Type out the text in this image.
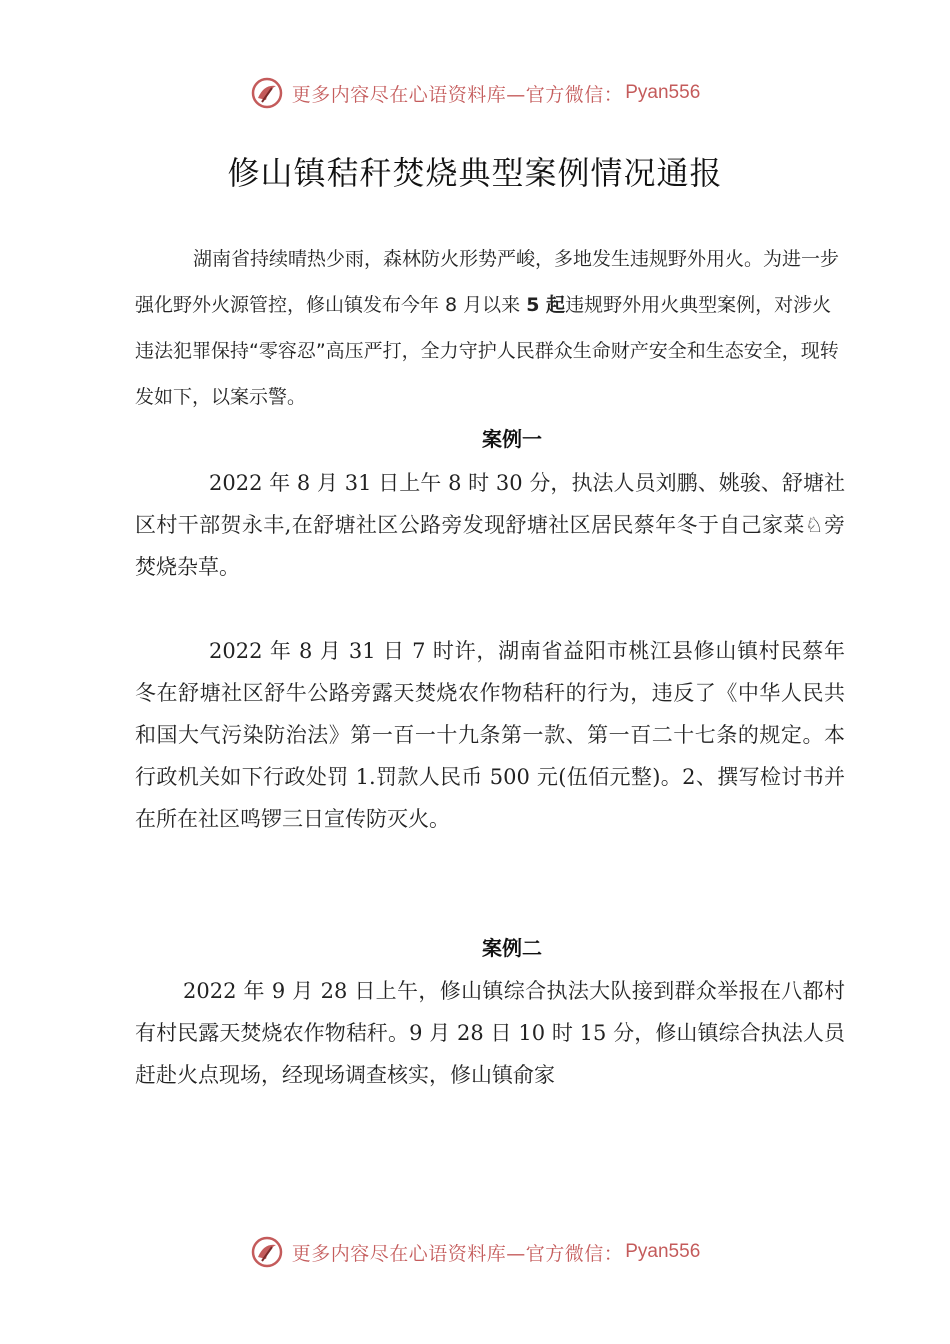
更多内容尽在心语资料库—官方微信： Pyan556
修山镇秸秆焚烧典型案例情况通报

湖南省持续晴热少雨，森林防火形势严峻，多地发生违规野外用火。为进一步强化野外火源管控，修山镇发布今年 8 月以来 5 起违规野外用火典型案例，对涉火违法犯罪保持“零容忍”高压严打，全力守护人民群众生命财产安全和生态安全，现转发如下，以案示警。

案例一

2022 年 8 月 31 日上午 8 时 30 分，执法人员刘鹏、姚骏、舒塘社区村干部贺永丰,在舒塘社区公路旁发现舒塘社区居民蔡年冬于自己家菜♘旁焚烧杂草。

2022 年 8 月 31 日 7 时许，湖南省益阳市桃江县修山镇村民蔡年冬在舒塘社区舒牛公路旁露天焚烧农作物秸秆的行为，违反了《中华人民共和国大气污染防治法》第一百一十九条第一款、第一百二十七条的规定。本行政机关如下行政处罚 1.罚款人民币 500 元(伍佰元整)。2、撰写检讨书并在所在社区鸣锣三日宣传防灭火。

案例二

2022 年 9 月 28 日上午，修山镇综合执法大队接到群众举报在八都村有村民露天焚烧农作物秸秆。9 月 28 日 10 时 15 分，修山镇综合执法人员赶赴火点现场，经现场调查核实，修山镇俞家

更多内容尽在心语资料库—官方微信： Pyan556
